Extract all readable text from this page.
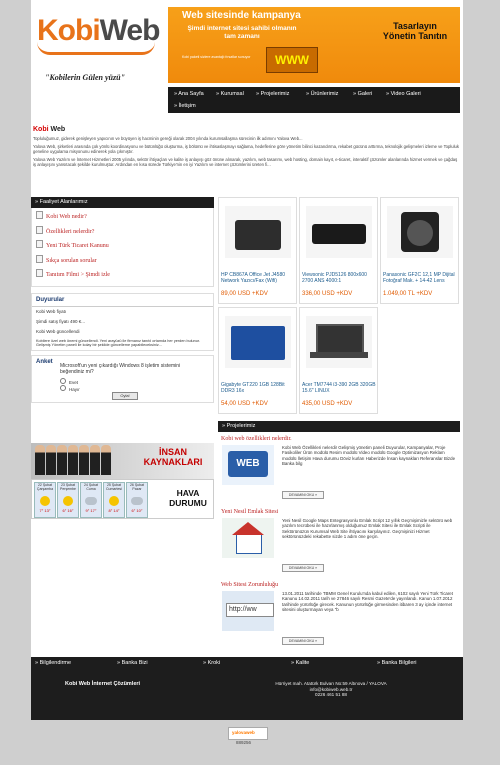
KobiWeb
"Kobilerin Gülen yüzü"
Web sitesinde kampanya
Şimdi internet sitesi sahibi olmanın tam zamanı
Kobi paketi sizlere avantajlı fırsatlar sunuyor	WWW
Tasarlayın Yönetin Tanıtın
» Ana Sayfa » Kurumsal » Projelerimiz	» Ürünlerimiz	» Galeri » Video Galeri
» İletişim
Kobi Web

Topluluğumuz, giderek genişleyen yapıcının ve büyüyen iş hacminin gereği olarak 2004 yılında kurumsallaşma sürecinin ilk adımını Yalova Web...

Yalova Web, şirketleri arasında çok yönlü koordinasyonu ve bütünlüğü oluşturma, iş bölümü ve ihtisaslaşmayı sağlama, hedeflerine göre yönetim bilinci kazandırma, rekabet gücünü arttırma, teknolojik gelişmeleri izleme ve Topluluk geneline uygulama misyonunu edinerek yola çıkmıştır.

Yalova Web Yazılım ve İnternet Hizmetleri 2005 yılında, sektör ihtiyaçları ve kalite iş anlayışı göz önüne alınarak, yazılım, web tasarımı, web hosting, domain kayıt, e-ticaret, interaktif çözümler alanlarında hizmet vermek ve çağdaş iş anlayışını yansıtacak şekilde kurulmuştur. Ardından en kısa sürede Türkiye'nin en iyi Yazılım ve internet çözümlerini üreten fi...

» Faaliyet Alanlarımız
Kobi Web nedir?
Özellikleri nelerdir?
Yeni Türk Ticaret Kanunu
Sıkça sorulan sorular
Tanıtım Filmi > Şimdi izle
Duyurular
Kobi Web fiyatı
Şimdi satış fiyatı 490 €...
Kobi Web güncellendi
Kobilere özel web önemi güncellendi. Yeni arayüzü ile firmanız tanıtıl ortamda her yerden bulunur. Gelişmiş Yönetim paneli ile kolay bir şekilde güncelleme yapabileceksiniz...
Anket
Microsoft'un yeni çıkardığı Windows 8 işletim sistemini beğendiniz mi?
Evet
Hayır
Oyla!
İNSAN KAYNAKLARI
22 Şubat Çarşamba
7° 13°
23 Şubat Perşembe
6° 16°
24 Şubat Cuma
9° 17°
25 Şubat Cumartesi
8° 14°
26 Şubat Pazar
6° 10°
HAVA DURUMU
HP CB867A Office Jet J4580 Network Yazıcı/Fax (Wifi)
89,00 USD +KDV
Viewsonic PJD5126 800x600 2700 ANS 4000:1
336,00 USD +KDV
Panasonic GF2C 12,1 MP Dijital Fotoğraf Mak. + 14-42 Lens
1.049,00 TL +KDV
Gigabyte GT220 1GB 128Bit DDR3 16x
54,00 USD +KDV
Acer TM7744 i3-390 2GB 320GB 15.6" LINUX
435,00 USD +KDV
» Projelerimiz
Kobi web özellikleri nelerdir.
WEB
Kobi Web Özellikleri nelerdir Gelişmiş yönetim paneli Duyurular, Kampanyalar, Proje Fasikoliler Ürün modülü Resim modülü Video modülü Google Optimizasyon Reklam modülü İletişim Hava durumu Döviz kurları Haberizde İnsan kaynakları Referanslar Bizde Banka bilg
DEVAMINI OKU »
Yeni Nesil Emlak Sitesi
Yeni Nesil Google Maps Entegrasyonlu Emlak Script 12 yıllık Geçmişimizle sektörü web yazılım tecrübesi ile hazırlanmış olduğumuz Emlak Sitesi ile Emlak Scripti ile Sektörünüzün Kurumsal Web Site ihtiyacını karşılayınız. Geçmişinizi Hizmet sektörünüzdeki rekabette sizde 1 adım öne geçin.
DEVAMINI OKU »
Web Sitesi Zorunluluğu
http://ww
13.01.2011 tarihinde TBMM Genel Kurulu'nda kabul edilen, 6102 sayılı Yeni Türk Ticaret Kanunu 14.02.2011 tarih ve 27846 sayılı Resmi Gazete'de yayınlandı. Kanun 1.07.2012 tarihinde yürürlüğe girecek. Kanunun yürürlüğe girmesinden itibaren 3 ay içinde internet sitesini oluşturmayan veya "b
DEVAMINI OKU »
» Bilgilendirme	» Banka Bizi	» Kroki	» Kalite	» Banka Bilgileri
Kobi Web İnternet Çözümleri	Hürriyet mah. Atatürk Bulvarı No:59 Altınova / YALOVA
info@kobiweb.web.tr
0226 461 51 88
yalovaweb
889256
